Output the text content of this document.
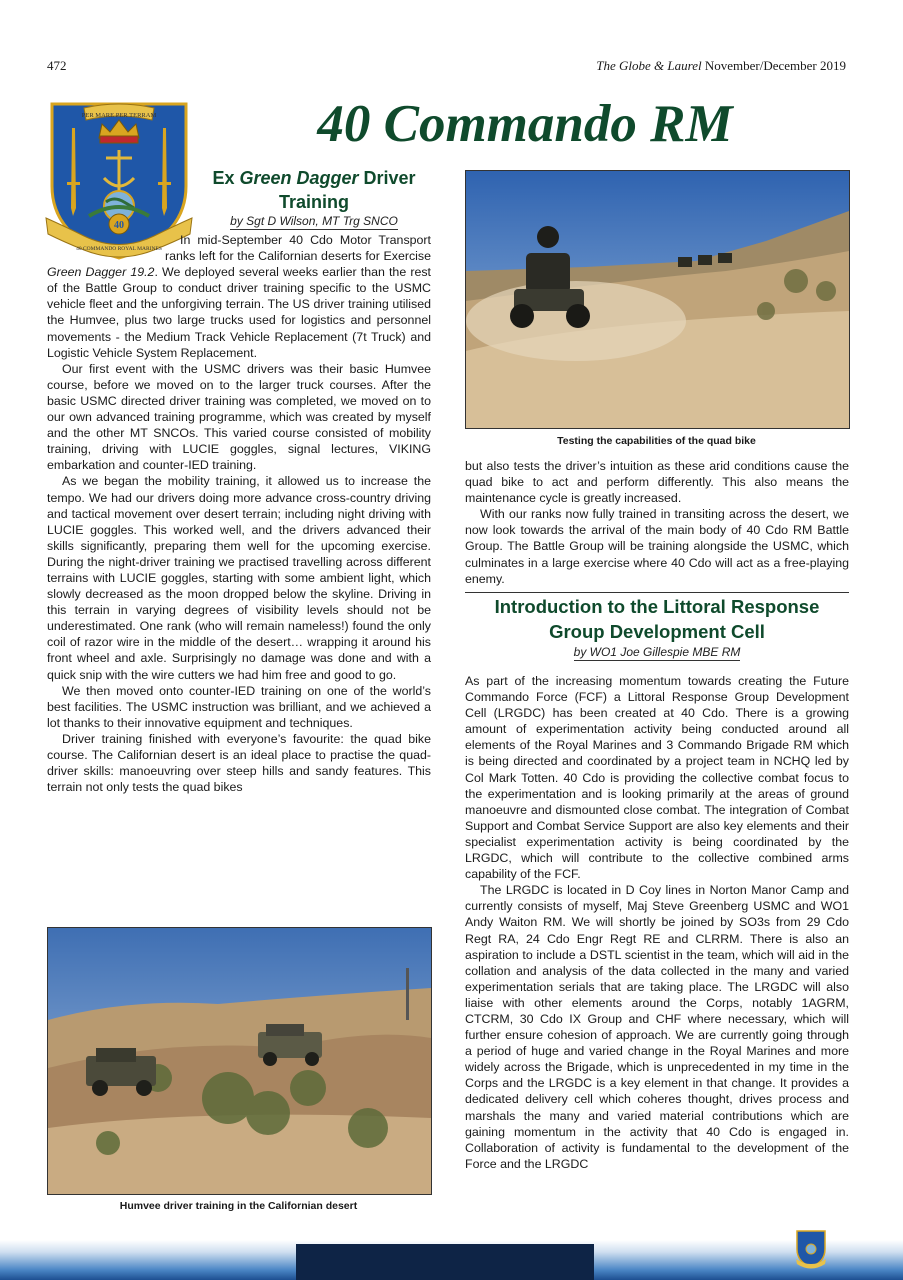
472	The Globe & Laurel November/December 2019
PER MARE PER TERRAM
40
40 COMMANDO ROYAL MARINES
40 Commando RM
Ex Green Dagger Driver Training
by Sgt D Wilson, MT Trg SNCO

In mid-September 40 Cdo Motor Transport ranks left for the Californian deserts for Exercise Green Dagger 19.2. We deployed several weeks earlier than the rest of the Battle Group to conduct driver training specific to the USMC vehicle fleet and the unforgiving terrain. The US driver training utilised the Humvee, plus two large trucks used for logistics and personnel movements - the Medium Track Vehicle Replacement (7t Truck) and Logistic Vehicle System Replacement.

Our first event with the USMC drivers was their basic Humvee course, before we moved on to the larger truck courses. After the basic USMC directed driver training was completed, we moved on to our own advanced training programme, which was created by myself and the other MT SNCOs. This varied course consisted of mobility training, driving with LUCIE goggles, signal lectures, VIKING embarkation and counter-IED training.

As we began the mobility training, it allowed us to increase the tempo. We had our drivers doing more advance cross-country driving and tactical movement over desert terrain; including night driving with LUCIE goggles. This worked well, and the drivers advanced their skills significantly, preparing them well for the upcoming exercise. During the night-driver training we practised travelling across different terrains with LUCIE goggles, starting with some ambient light, which slowly decreased as the moon dropped below the skyline. Driving in this terrain in varying degrees of visibility levels should not be underestimated. One rank (who will remain nameless!) found the only coil of razor wire in the middle of the desert… wrapping it around his front wheel and axle. Surprisingly no damage was done and with a quick snip with the wire cutters we had him free and good to go.

We then moved onto counter-IED training on one of the world’s best facilities. The USMC instruction was brilliant, and we achieved a lot thanks to their innovative equipment and techniques.

Driver training finished with everyone’s favourite: the quad bike course. The Californian desert is an ideal place to practise the quad-driver skills: manoeuvring over steep hills and sandy features. This terrain not only tests the quad bikes

Humvee driver training in the Californian desert
Testing the capabilities of the quad bike

but also tests the driver’s intuition as these arid conditions cause the quad bike to act and perform differently. This also means the maintenance cycle is greatly increased.

With our ranks now fully trained in transiting across the desert, we now look towards the arrival of the main body of 40 Cdo RM Battle Group. The Battle Group will be training alongside the USMC, which culminates in a large exercise where 40 Cdo will act as a free-playing enemy.

Introduction to the Littoral Response Group Development Cell
by WO1 Joe Gillespie MBE RM

As part of the increasing momentum towards creating the Future Commando Force (FCF) a Littoral Response Group Development Cell (LRGDC) has been created at 40 Cdo. There is a growing amount of experimentation activity being conducted around all elements of the Royal Marines and 3 Commando Brigade RM which is being directed and coordinated by a project team in NCHQ led by Col Mark Totten. 40 Cdo is providing the collective combat focus to the experimentation and is looking primarily at the areas of ground manoeuvre and dismounted close combat. The integration of Combat Support and Combat Service Support are also key elements and their specialist experimentation activity is being coordinated by the LRGDC, which will contribute to the collective combined arms capability of the FCF.

The LRGDC is located in D Coy lines in Norton Manor Camp and currently consists of myself, Maj Steve Greenberg USMC and WO1 Andy Waiton RM. We will shortly be joined by SO3s from 29 Cdo Regt RA, 24 Cdo Engr Regt RE and CLRRM. There is also an aspiration to include a DSTL scientist in the team, which will aid in the collation and analysis of the data collected in the many and varied experimentation serials that are taking place. The LRGDC will also liaise with other elements around the Corps, notably 1AGRM, CTCRM, 30 Cdo IX Group and CHF where necessary, which will further ensure cohesion of approach. We are currently going through a period of huge and varied change in the Royal Marines and more widely across the Brigade, which is unprecedented in my time in the Corps and the LRGDC is a key element in that change. It provides a dedicated delivery cell which coheres thought, drives process and marshals the many and varied material contributions which are gaining momentum in the activity that 40 Cdo is engaged in. Collaboration of activity is fundamental to the development of the Force and the LRGDC
